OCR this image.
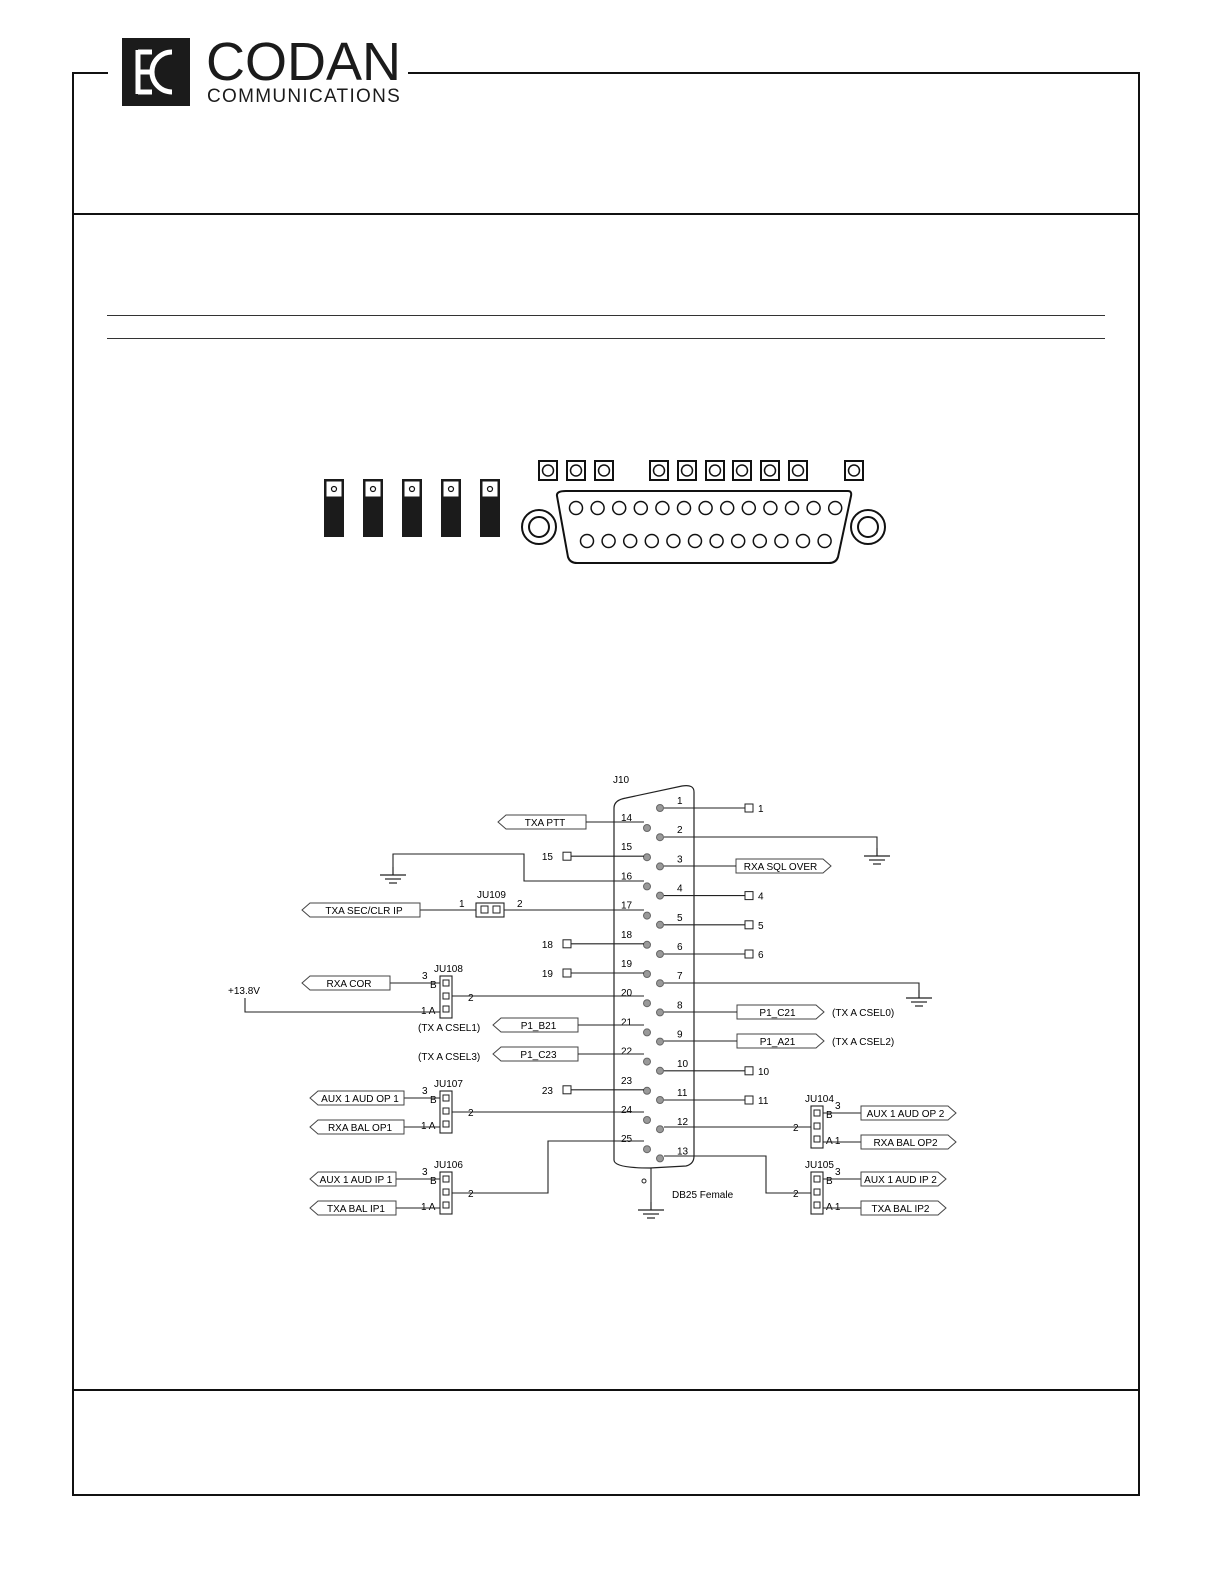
CODAN
COMMUNICATIONS
J10
DB25 Female
14
15
15
16
17
18
18
19
19
20
21
22
23
23
24
25
1
1
2
3
4
4
5
5
6
6
7
8
9
10
10
11
11
12
13
JU109
1	2
JU108
3
B
1 A
2
JU107
3
B
1 A
2
JU106
3
B
1 A
2
JU104
3
B
A 1
2
JU105
3
B
A 1
2
TXA PTT
RXA SQL OVER
TXA SEC/CLR IP
P1_B21
P1_C23
P1_C21
P1_A21
RXA COR
AUX 1 AUD OP 1
RXA BAL OP1
AUX 1 AUD IP 1
TXA BAL IP1
AUX 1 AUD OP 2
RXA BAL OP2
AUX 1 AUD IP 2
TXA BAL IP2
+13.8V
(TX A CSEL0)
(TX A CSEL1)
(TX A CSEL2)
(TX A CSEL3)
